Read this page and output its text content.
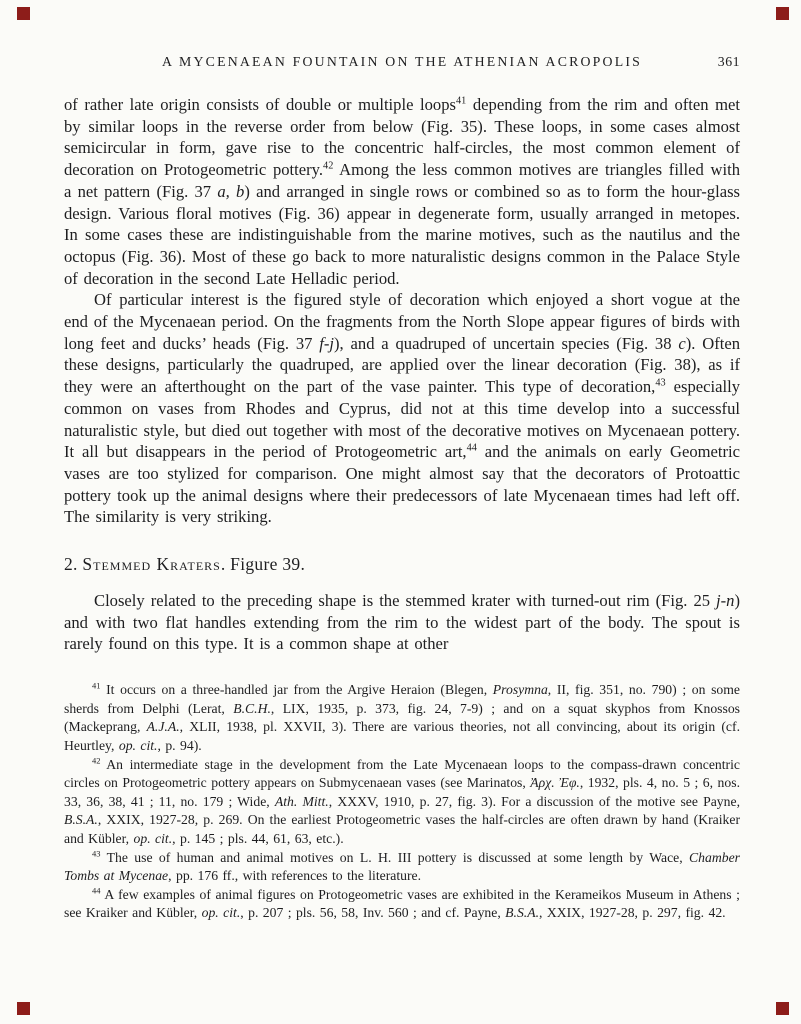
A MYCENAEAN FOUNTAIN ON THE ATHENIAN ACROPOLIS	361

of rather late origin consists of double or multiple loops$^{41}$ depending from the rim and often met by similar loops in the reverse order from below (Fig. 35). These loops, in some cases almost semicircular in form, gave rise to the concentric half-circles, the most common element of decoration on Protogeometric pottery.$^{42}$ Among the less common motives are triangles filled with a net pattern (Fig. 37 a, b) and arranged in single rows or combined so as to form the hour-glass design. Various floral motives (Fig. 36) appear in degenerate form, usually arranged in metopes. In some cases these are indistinguishable from the marine motives, such as the nautilus and the octopus (Fig. 36). Most of these go back to more naturalistic designs common in the Palace Style of decoration in the second Late Helladic period.

Of particular interest is the figured style of decoration which enjoyed a short vogue at the end of the Mycenaean period. On the fragments from the North Slope appear figures of birds with long feet and ducks’ heads (Fig. 37 f-j), and a quadruped of uncertain species (Fig. 38 c). Often these designs, particularly the quadruped, are applied over the linear decoration (Fig. 38), as if they were an afterthought on the part of the vase painter. This type of decoration,$^{43}$ especially common on vases from Rhodes and Cyprus, did not at this time develop into a successful naturalistic style, but died out together with most of the decorative motives on Mycenaean pottery. It all but disappears in the period of Protogeometric art,$^{44}$ and the animals on early Geometric vases are too stylized for comparison. One might almost say that the decorators of Protoattic pottery took up the animal designs where their predecessors of late Mycenaean times had left off. The similarity is very striking.

2. Stemmed Kraters. Figure 39.

Closely related to the preceding shape is the stemmed krater with turned-out rim (Fig. 25 j-n) and with two flat handles extending from the rim to the widest part of the body. The spout is rarely found on this type. It is a common shape at other

$^{41}$ It occurs on a three-handled jar from the Argive Heraion (Blegen, Prosymna, II, fig. 351, no. 790) ; on some sherds from Delphi (Lerat, B.C.H., LIX, 1935, p. 373, fig. 24, 7-9) ; and on a squat skyphos from Knossos (Mackeprang, A.J.A., XLII, 1938, pl. XXVII, 3). There are various theories, not all convincing, about its origin (cf. Heurtley, op. cit., p. 94).

$^{42}$ An intermediate stage in the development from the Late Mycenaean loops to the compass-drawn concentric circles on Protogeometric pottery appears on Submycenaean vases (see Marinatos, Ἀρχ. Ἐφ., 1932, pls. 4, no. 5 ; 6, nos. 33, 36, 38, 41 ; 11, no. 179 ; Wide, Ath. Mitt., XXXV, 1910, p. 27, fig. 3). For a discussion of the motive see Payne, B.S.A., XXIX, 1927-28, p. 269. On the earliest Protogeometric vases the half-circles are often drawn by hand (Kraiker and Kübler, op. cit., p. 145 ; pls. 44, 61, 63, etc.).

$^{43}$ The use of human and animal motives on L. H. III pottery is discussed at some length by Wace, Chamber Tombs at Mycenae, pp. 176 ff., with references to the literature.

$^{44}$ A few examples of animal figures on Protogeometric vases are exhibited in the Kerameikos Museum in Athens ; see Kraiker and Kübler, op. cit., p. 207 ; pls. 56, 58, Inv. 560 ; and cf. Payne, B.S.A., XXIX, 1927-28, p. 297, fig. 42.
